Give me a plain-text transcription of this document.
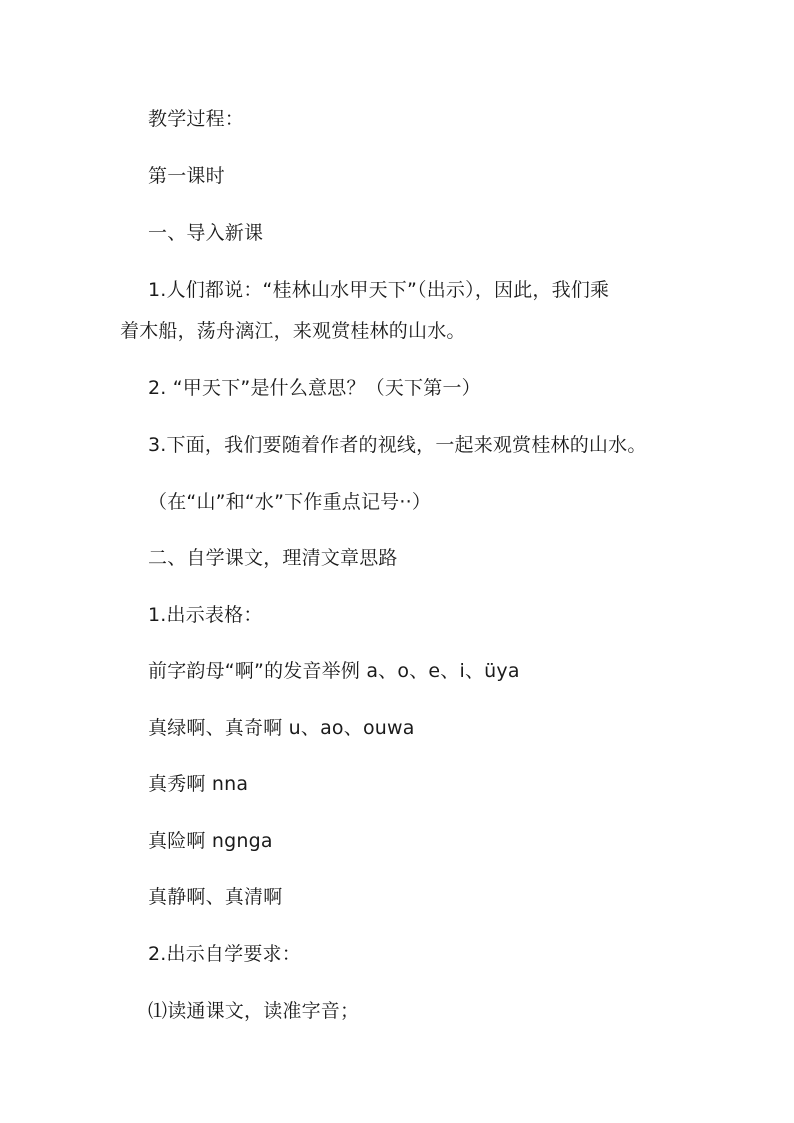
教学过程：
第一课时
一、导入新课
1.人们都说：“桂林山水甲天下”（出示），因此，我们乘
着木船，荡舟漓江，来观赏桂林的山水。
2. “甲天下”是什么意思？（天下第一）
3.下面，我们要随着作者的视线，一起来观赏桂林的山水。
（在“山”和“水”下作重点记号··）
二、自学课文，理清文章思路
1.出示表格：
前字韵母“啊”的发音举例 a、o、e、i、üya
真绿啊、真奇啊 u、ao、ouwa
真秀啊 nna
真险啊 ngnga
真静啊、真清啊
2.出示自学要求：
⑴读通课文，读准字音；
